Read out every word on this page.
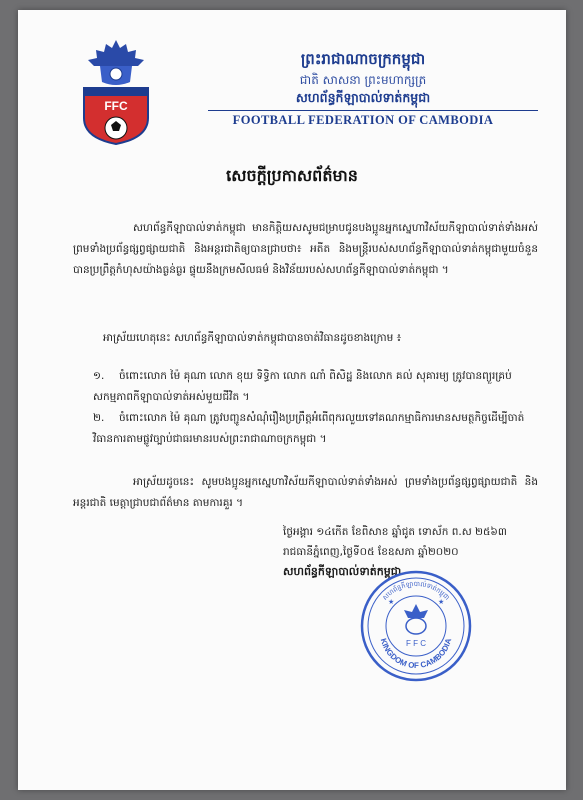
FFC
ព្រះរាជាណាចក្រកម្ពុជា
ជាតិ សាសនា ព្រះមហាក្សត្រ
សហព័ន្ធកីឡាបាល់ទាត់កម្ពុជា
FOOTBALL FEDERATION OF CAMBODIA
សេចក្តីប្រកាសព័ត៌មាន
សហព័ន្ធកីឡាបាល់ទាត់កម្ពុជា មានកិត្តិយសសូមជម្រាបជូនបងប្អូនអ្នកស្នេហាវិស័យកីឡាបាល់ទាត់ទាំងអស់ ព្រមទាំងប្រព័ន្ធផ្សព្វផ្សាយជាតិ និងអន្តរជាតិឲ្យបានជ្រាបថា៖ អតីត និងមន្ត្រីរបស់សហព័ន្ធកីឡាបាល់ទាត់កម្ពុជាមួយចំនួនបានប្រព្រឹត្តកំហុសយ៉ាងធ្ងន់ធ្ងរ ផ្ទុយនឹងក្រមសីលធម៌ និងវិន័យរបស់សហព័ន្ធកីឡាបាល់ទាត់កម្ពុជា ។
អាស្រ័យហេតុនេះ សហព័ន្ធកីឡាបាល់ទាត់កម្ពុជាបានចាត់វិធានដូចខាងក្រោម ៖
១. ចំពោះលោក ម៉ៃ គុណា លោក ខុយ ទិទ្ធិកា លោក ណាំ ពិសិដ្ឋ និងលោក គល់ សុគារម្យ ត្រូវបានព្យួរគ្រប់សកម្មភាពកីឡាបាល់ទាត់អស់មួយជីវិត ។
២. ចំពោះលោក ម៉ៃ គុណា ត្រូវបញ្ជូនសំណុំរឿងប្រព្រឹត្តអំពើពុករលួយទៅគណកម្មាធិការមានសមត្ថកិច្ចដើម្បីចាត់វិធានការតាមផ្លូវច្បាប់ជាធរមានរបស់ព្រះរាជាណាចក្រកម្ពុជា ។
អាស្រ័យដូចនេះ សូមបងប្អូនអ្នកស្នេហាវិស័យកីឡាបាល់ទាត់ទាំងអស់ ព្រមទាំងប្រព័ន្ធផ្សព្វផ្សាយជាតិ និងអន្តរជាតិ មេត្តាជ្រាបជាព័ត៌មាន តាមការគួរ ។
ថ្ងៃអង្គារ ១៤កើត ខែពិសាខ ឆ្នាំជូត ទោស័ក ព.ស ២៥៦៣
រាជធានីភ្នំពេញ,ថ្ងៃទី០៥ ខែឧសភា ឆ្នាំ២០២០
សហព័ន្ធកីឡាបាល់ទាត់កម្ពុជា
សហព័ន្ធកីឡាបាល់ទាត់កម្ពុជា
KINGDOM OF CAMBODIA
F F C
★	★
